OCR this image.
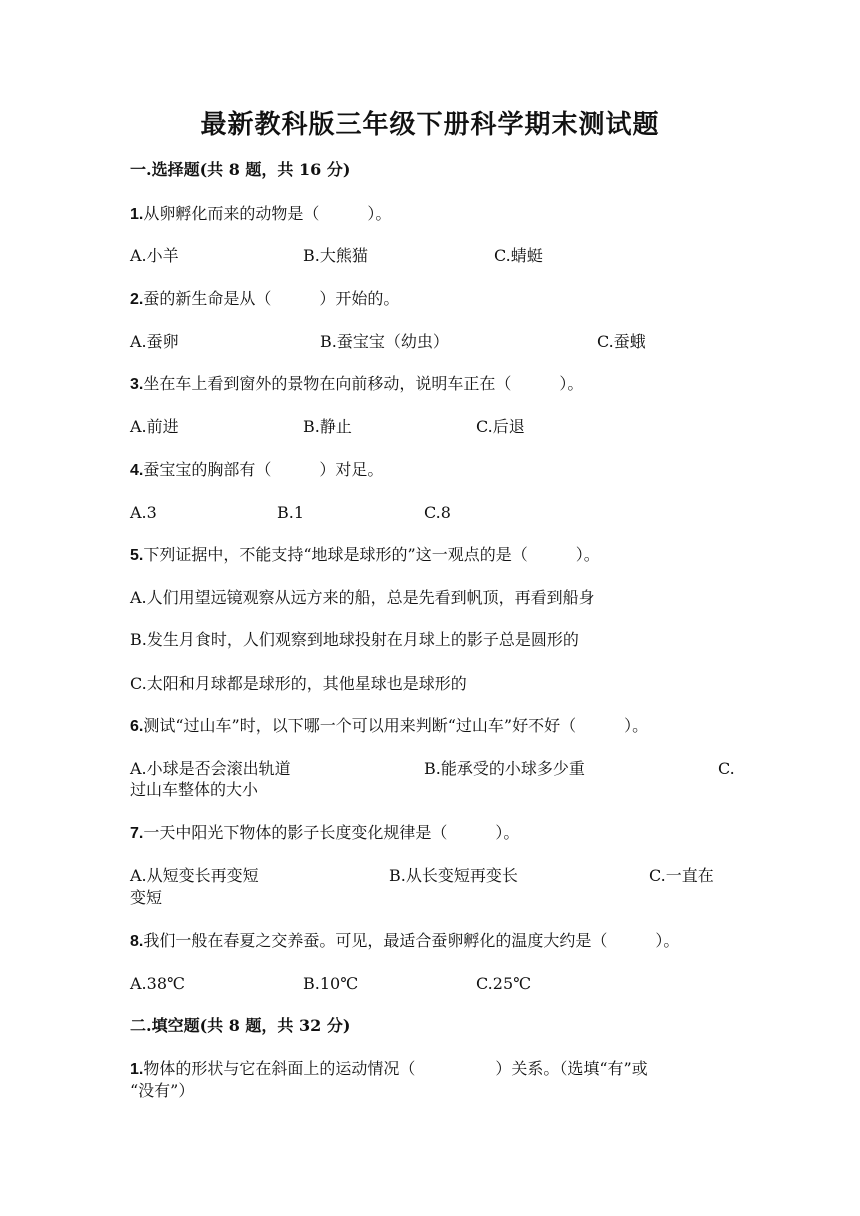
最新教科版三年级下册科学期末测试题
一.选择题(共 8 题，共 16 分)
1.从卵孵化而来的动物是（　　　）。
A.小羊	B.大熊猫	C.蜻蜓
2.蚕的新生命是从（　　　）开始的。
A.蚕卵	B.蚕宝宝（幼虫）	C.蚕蛾
3.坐在车上看到窗外的景物在向前移动，说明车正在（　　　）。
A.前进	B.静止	C.后退
4.蚕宝宝的胸部有（　　　）对足。
A.3	B.1	C.8
5.下列证据中，不能支持“地球是球形的”这一观点的是（　　　）。
A.人们用望远镜观察从远方来的船，总是先看到帆顶，再看到船身
B.发生月食时，人们观察到地球投射在月球上的影子总是圆形的
C.太阳和月球都是球形的，其他星球也是球形的
6.测试“过山车”时，以下哪一个可以用来判断“过山车”好不好（　　　）。
A.小球是否会滚出轨道	B.能承受的小球多少重	C.
过山车整体的大小
7.一天中阳光下物体的影子长度变化规律是（　　　）。
A.从短变长再变短	B.从长变短再变长	C.一直在
变短
8.我们一般在春夏之交养蚕。可见，最适合蚕卵孵化的温度大约是（　　　）。
A.38℃	B.10℃	C.25℃
二.填空题(共 8 题，共 32 分)
1.物体的形状与它在斜面上的运动情况（　　　　　）关系。（选填“有”或
“没有”）
